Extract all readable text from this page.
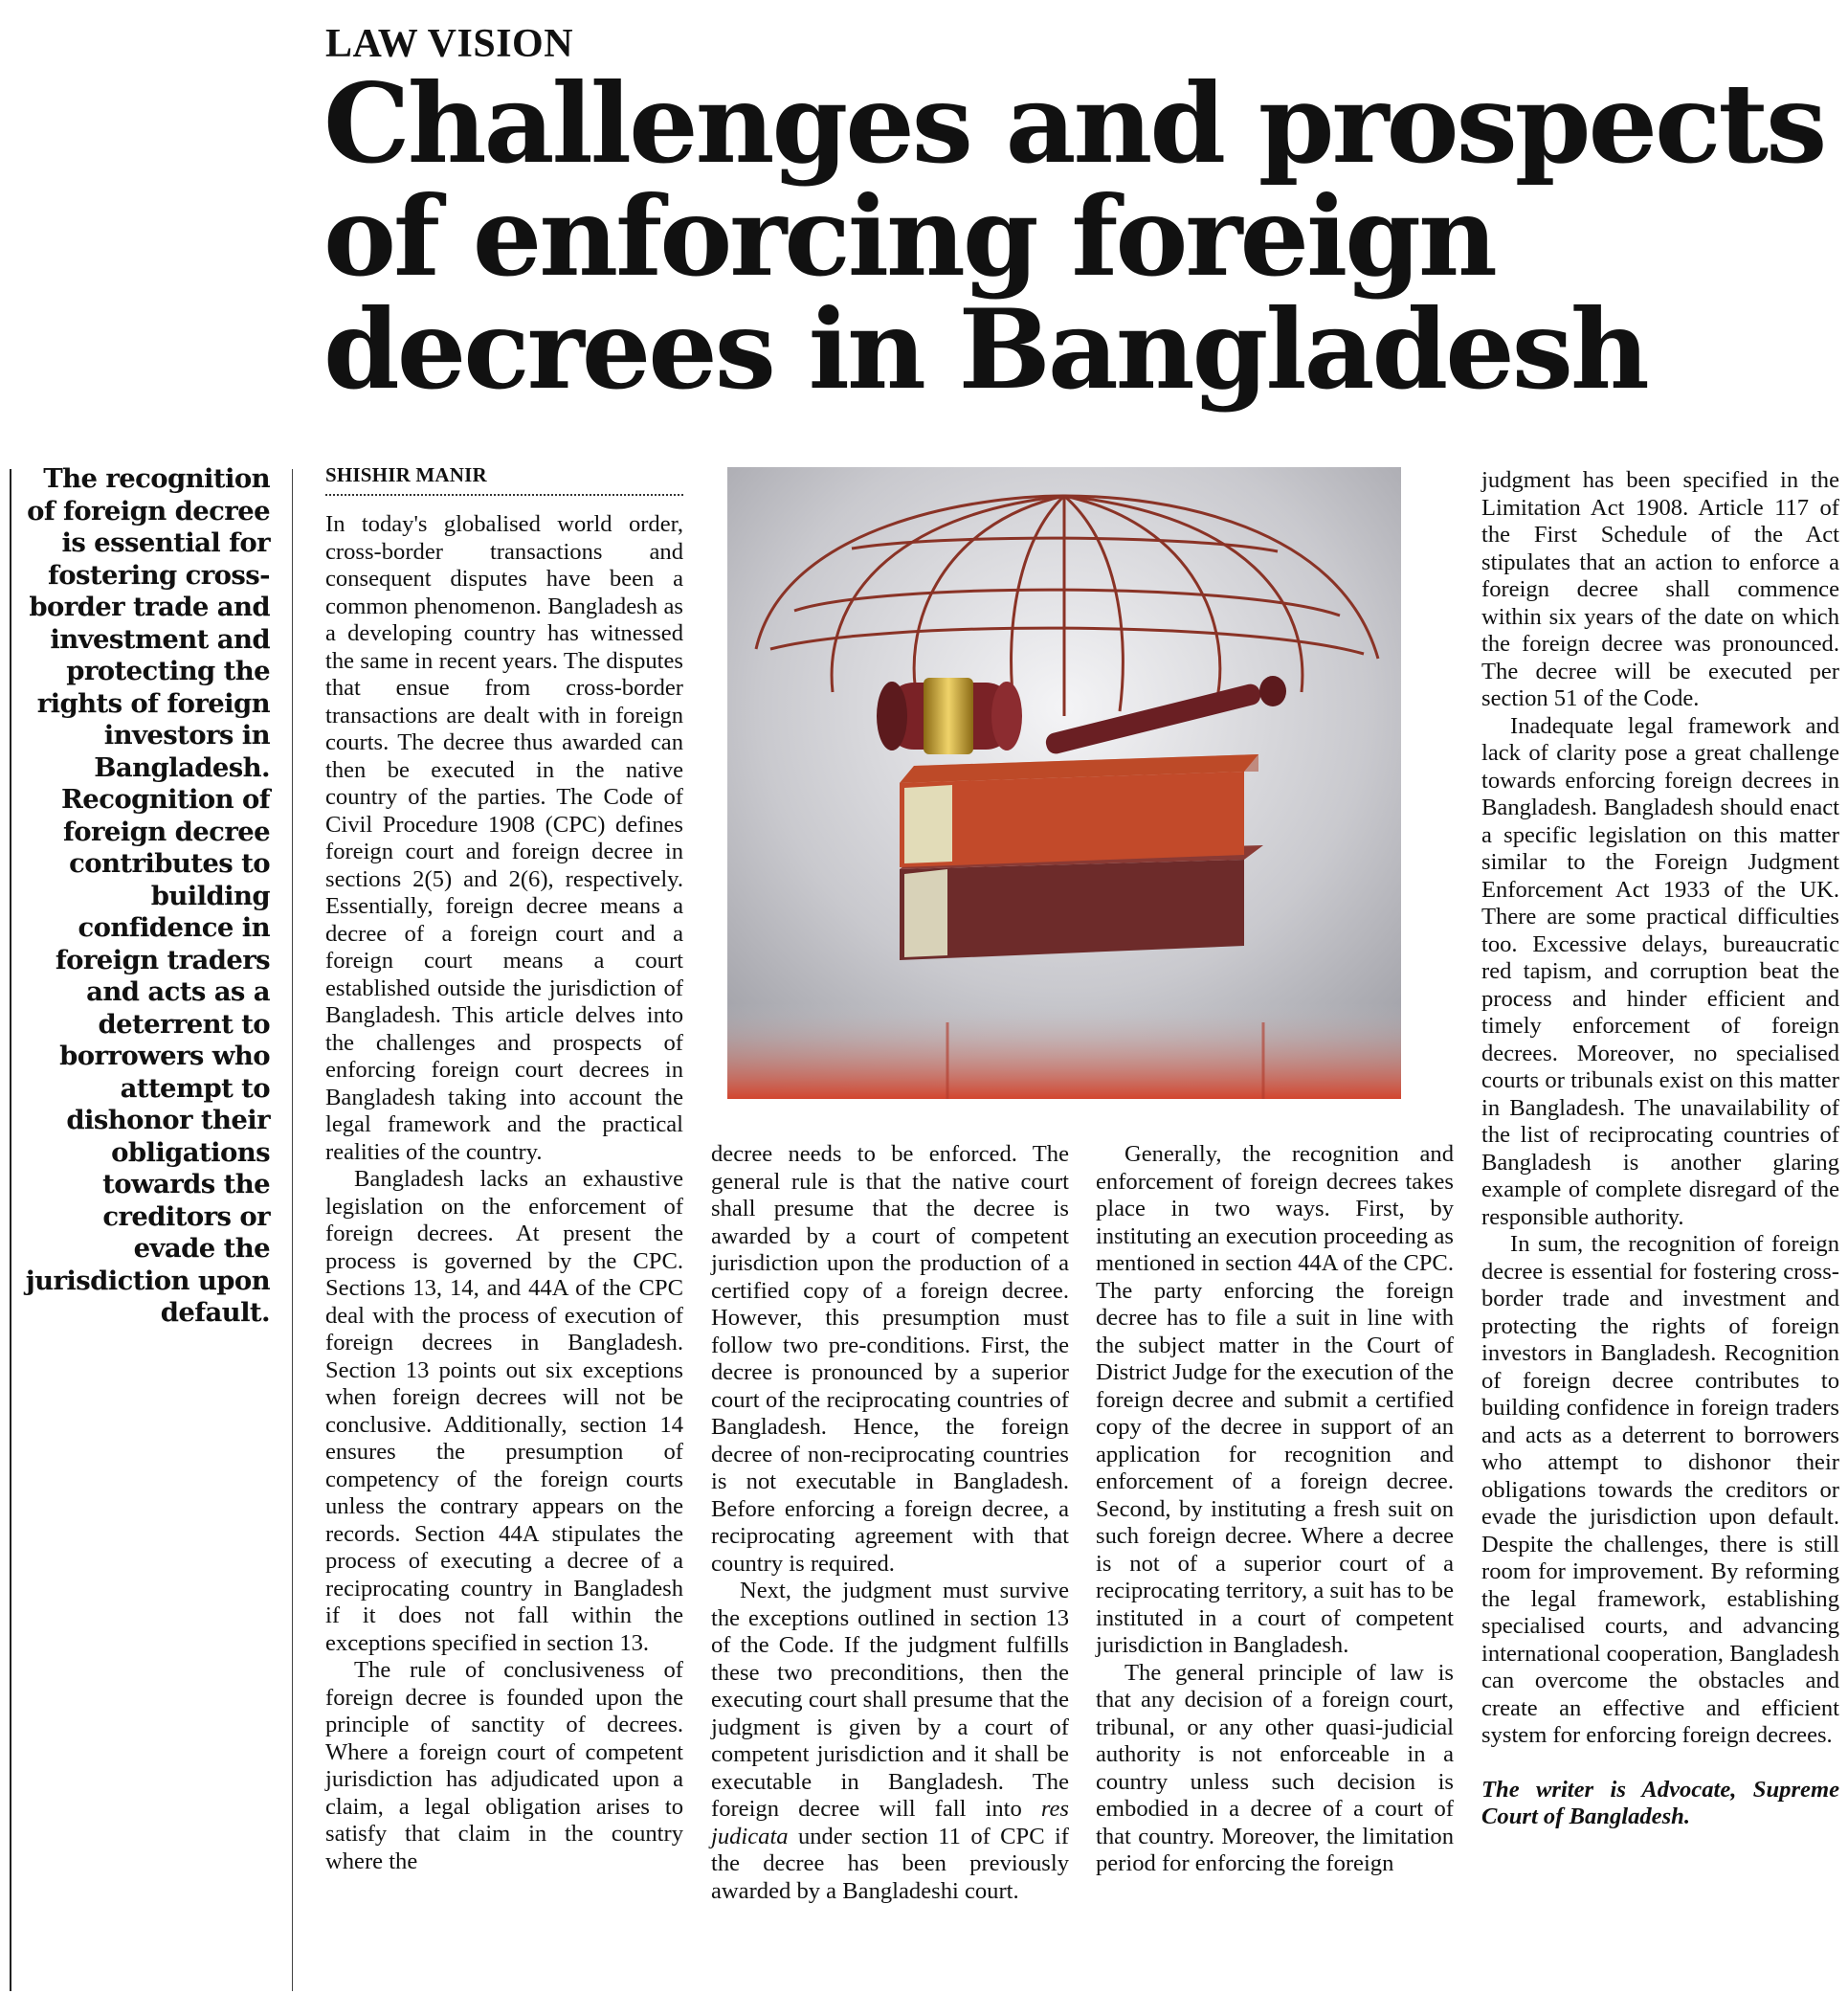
LAW VISION
Challenges and prospects of enforcing foreign decrees in Bangladesh
The recognition of foreign decree is essential for fostering cross-border trade and investment and protecting the rights of foreign investors in Bangladesh. Recognition of foreign decree contributes to building confidence in foreign traders and acts as a deterrent to borrowers who attempt to dishonor their obligations towards the creditors or evade the jurisdiction upon default.
SHISHIR MANIR

In today's globalised world order, cross-border transactions and consequent disputes have been a common phenomenon. Bangladesh as a developing country has witnessed the same in recent years. The disputes that ensue from cross-border transactions are dealt with in foreign courts. The decree thus awarded can then be executed in the native country of the parties. The Code of Civil Procedure 1908 (CPC) defines foreign court and foreign decree in sections 2(5) and 2(6), respectively. Essentially, foreign decree means a decree of a foreign court and a foreign court means a court established outside the jurisdiction of Bangladesh. This article delves into the challenges and prospects of enforcing foreign court decrees in Bangladesh taking into account the legal framework and the practical realities of the country.

Bangladesh lacks an exhaustive legislation on the enforcement of foreign decrees. At present the process is governed by the CPC. Sections 13, 14, and 44A of the CPC deal with the process of execution of foreign decrees in Bangladesh. Section 13 points out six exceptions when foreign decrees will not be conclusive. Additionally, section 14 ensures the presumption of competency of the foreign courts unless the contrary appears on the records. Section 44A stipulates the process of executing a decree of a reciprocating country in Bangladesh if it does not fall within the exceptions specified in section 13.

The rule of conclusiveness of foreign decree is founded upon the principle of sanctity of decrees. Where a foreign court of competent jurisdiction has adjudicated upon a claim, a legal obligation arises to satisfy that claim in the country where the

decree needs to be enforced. The general rule is that the native court shall presume that the decree is awarded by a court of competent jurisdiction upon the production of a certified copy of a foreign decree. However, this presumption must follow two pre-conditions. First, the decree is pronounced by a superior court of the reciprocating countries of Bangladesh. Hence, the foreign decree of non-reciprocating countries is not executable in Bangladesh. Before enforcing a foreign decree, a reciprocating agreement with that country is required.

Next, the judgment must survive the exceptions outlined in section 13 of the Code. If the judgment fulfills these two preconditions, then the executing court shall presume that the judgment is given by a court of competent jurisdiction and it shall be executable in Bangladesh. The foreign decree will fall into res judicata under section 11 of CPC if the decree has been previously awarded by a Bangladeshi court.

Generally, the recognition and enforcement of foreign decrees takes place in two ways. First, by instituting an execution proceeding as mentioned in section 44A of the CPC. The party enforcing the foreign decree has to file a suit in line with the subject matter in the Court of District Judge for the execution of the foreign decree and submit a certified copy of the decree in support of an application for recognition and enforcement of a foreign decree. Second, by instituting a fresh suit on such foreign decree. Where a decree is not of a superior court of a reciprocating territory, a suit has to be instituted in a court of competent jurisdiction in Bangladesh.

The general principle of law is that any decision of a foreign court, tribunal, or any other quasi-judicial authority is not enforceable in a country unless such decision is embodied in a decree of a court of that country. Moreover, the limitation period for enforcing the foreign

judgment has been specified in the Limitation Act 1908. Article 117 of the First Schedule of the Act stipulates that an action to enforce a foreign decree shall commence within six years of the date on which the foreign decree was pronounced. The decree will be executed per section 51 of the Code.

Inadequate legal framework and lack of clarity pose a great challenge towards enforcing foreign decrees in Bangladesh. Bangladesh should enact a specific legislation on this matter similar to the Foreign Judgment Enforcement Act 1933 of the UK. There are some practical difficulties too. Excessive delays, bureaucratic red tapism, and corruption beat the process and hinder efficient and timely enforcement of foreign decrees. Moreover, no specialised courts or tribunals exist on this matter in Bangladesh. The unavailability of the list of reciprocating countries of Bangladesh is another glaring example of complete disregard of the responsible authority.

In sum, the recognition of foreign decree is essential for fostering cross-border trade and investment and protecting the rights of foreign investors in Bangladesh. Recognition of foreign decree contributes to building confidence in foreign traders and acts as a deterrent to borrowers who attempt to dishonor their obligations towards the creditors or evade the jurisdiction upon default. Despite the challenges, there is still room for improvement. By reforming the legal framework, establishing specialised courts, and advancing international cooperation, Bangladesh can overcome the obstacles and create an effective and efficient system for enforcing foreign decrees.

The writer is Advocate, Supreme Court of Bangladesh.
